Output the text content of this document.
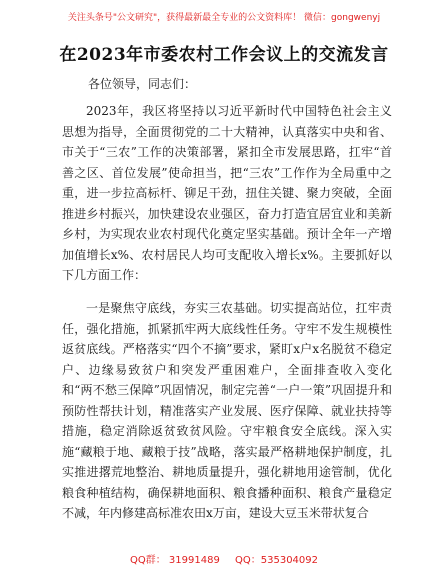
关注头条号"公文研究"，获得最新最全专业的公文资料库！ 微信：gongwenyj
在2023年市委农村工作会议上的交流发言
各位领导，同志们：

2023年，我区将坚持以习近平新时代中国特色社会主义思想为指导，全面贯彻党的二十大精神，认真落实中央和省、市关于“三农”工作的决策部署，紧扣全市发展思路，扛牢“首善之区、首位发展”使命担当，把“三农”工作作为全局重中之重，进一步拉高标杆、铆足干劲，扭住关键、聚力突破，全面推进乡村振兴，加快建设农业强区，奋力打造宜居宜业和美新乡村，为实现农业农村现代化奠定坚实基础。预计全年一产增加值增长x%、农村居民人均可支配收入增长x%。主要抓好以下几方面工作：

一是聚焦守底线，夯实三农基础。切实提高站位，扛牢责任，强化措施，抓紧抓牢两大底线性任务。守牢不发生规模性返贫底线。严格落实“四个不摘”要求，紧盯x户x名脱贫不稳定户、边缘易致贫户和突发严重困难户，全面排查收入变化和“两不愁三保障”巩固情况，制定完善“一户一策”巩固提升和预防性帮扶计划，精准落实产业发展、医疗保障、就业扶持等措施，稳定消除返贫致贫风险。守牢粮食安全底线。深入实施“藏粮于地、藏粮于技”战略，落实最严格耕地保护制度，扎实推进撂荒地整治、耕地质量提升，强化耕地用途管制，优化粮食种植结构，确保耕地面积、粮食播种面积、粮食产量稳定不减，年内修建高标准农田x万亩，建设大豆玉米带状复合

QQ群： 31991489 QQ：535304092
